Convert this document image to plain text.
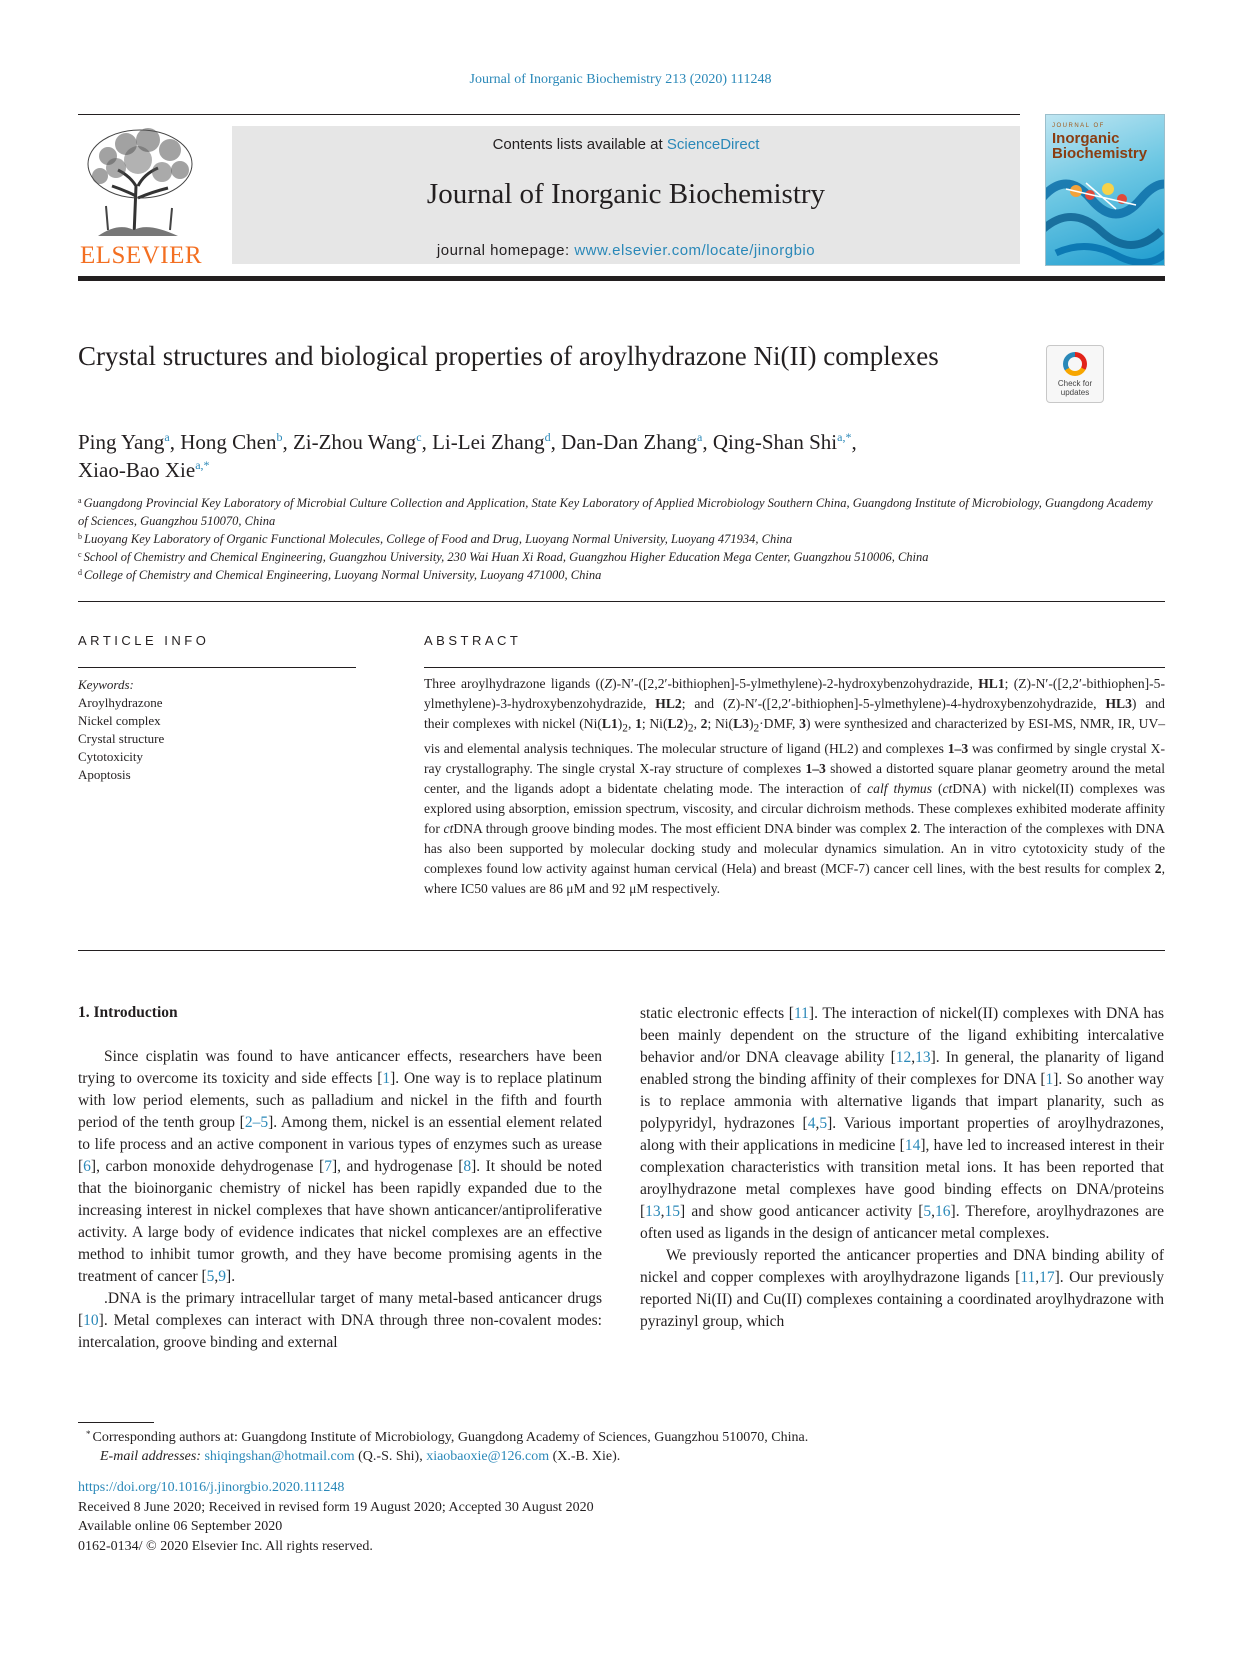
Journal of Inorganic Biochemistry 213 (2020) 111248
ELSEVIER
Contents lists available at ScienceDirect
Journal of Inorganic Biochemistry
journal homepage: www.elsevier.com/locate/jinorgbio
JOURNAL OF
Inorganic
Biochemistry
Crystal structures and biological properties of aroylhydrazone Ni(II) complexes
Check for
updates
Ping Yang$^a$, Hong Chen$^b$, Zi-Zhou Wang$^c$, Li-Lei Zhang$^d$, Dan-Dan Zhang$^a$, Qing-Shan Shi$^{a,*}$,
Xiao-Bao Xie$^{a,*}$
$^a$ Guangdong Provincial Key Laboratory of Microbial Culture Collection and Application, State Key Laboratory of Applied Microbiology Southern China, Guangdong Institute of Microbiology, Guangdong Academy of Sciences, Guangzhou 510070, China
$^b$ Luoyang Key Laboratory of Organic Functional Molecules, College of Food and Drug, Luoyang Normal University, Luoyang 471934, China
$^c$ School of Chemistry and Chemical Engineering, Guangzhou University, 230 Wai Huan Xi Road, Guangzhou Higher Education Mega Center, Guangzhou 510006, China
$^d$ College of Chemistry and Chemical Engineering, Luoyang Normal University, Luoyang 471000, China
ARTICLE INFO	ABSTRACT
Keywords:
Aroylhydrazone
Nickel complex
Crystal structure
Cytotoxicity
Apoptosis
Three aroylhydrazone ligands ((Z)-N′-([2,2′-bithiophen]-5-ylmethylene)-2-hydroxybenzohydrazide, HL1; (Z)-N′-([2,2′-bithiophen]-5-ylmethylene)-3-hydroxybenzohydrazide, HL2; and (Z)-N′-([2,2′-bithiophen]-5-ylmethylene)-4-hydroxybenzohydrazide, HL3) and their complexes with nickel ($Ni(L1)_2$, 1; $Ni(L2)_2$, 2; $Ni(L3)_2\cdot DMF$, 3) were synthesized and characterized by ESI-MS, NMR, IR, UV–vis and elemental analysis techniques. The molecular structure of ligand (HL2) and complexes 1–3 was confirmed by single crystal X-ray crystallography. The single crystal X-ray structure of complexes 1–3 showed a distorted square planar geometry around the metal center, and the ligands adopt a bidentate chelating mode. The interaction of calf thymus (ctDNA) with nickel(II) complexes was explored using absorption, emission spectrum, viscosity, and circular dichroism methods. These complexes exhibited moderate affinity for ctDNA through groove binding modes. The most efficient DNA binder was complex 2. The interaction of the complexes with DNA has also been supported by molecular docking study and molecular dynamics simulation. An in vitro cytotoxicity study of the complexes found low activity against human cervical (Hela) and breast (MCF-7) cancer cell lines, with the best results for complex 2, where IC50 values are 86 μM and 92 μM respectively.
1. Introduction

Since cisplatin was found to have anticancer effects, researchers have been trying to overcome its toxicity and side effects [1]. One way is to replace platinum with low period elements, such as palladium and nickel in the fifth and fourth period of the tenth group [2–5]. Among them, nickel is an essential element related to life process and an active component in various types of enzymes such as urease [6], carbon monoxide dehydrogenase [7], and hydrogenase [8]. It should be noted that the bioinorganic chemistry of nickel has been rapidly expanded due to the increasing interest in nickel complexes that have shown anticancer/antiproliferative activity. A large body of evidence indicates that nickel complexes are an effective method to inhibit tumor growth, and they have become promising agents in the treatment of cancer [5,9].

.DNA is the primary intracellular target of many metal-based anticancer drugs [10]. Metal complexes can interact with DNA through three non-covalent modes: intercalation, groove binding and external

static electronic effects [11]. The interaction of nickel(II) complexes with DNA has been mainly dependent on the structure of the ligand exhibiting intercalative behavior and/or DNA cleavage ability [12,13]. In general, the planarity of ligand enabled strong the binding affinity of their complexes for DNA [1]. So another way is to replace ammonia with alternative ligands that impart planarity, such as polypyridyl, hydrazones [4,5]. Various important properties of aroylhydrazones, along with their applications in medicine [14], have led to increased interest in their complexation characteristics with transition metal ions. It has been reported that aroylhydrazone metal complexes have good binding effects on DNA/proteins [13,15] and show good anticancer activity [5,16]. Therefore, aroylhydrazones are often used as ligands in the design of anticancer metal complexes.

We previously reported the anticancer properties and DNA binding ability of nickel and copper complexes with aroylhydrazone ligands [11,17]. Our previously reported Ni(II) and Cu(II) complexes containing a coordinated aroylhydrazone with pyrazinyl group, which

* Corresponding authors at: Guangdong Institute of Microbiology, Guangdong Academy of Sciences, Guangzhou 510070, China.
E-mail addresses: shiqingshan@hotmail.com (Q.-S. Shi), xiaobaoxie@126.com (X.-B. Xie).
https://doi.org/10.1016/j.jinorgbio.2020.111248
Received 8 June 2020; Received in revised form 19 August 2020; Accepted 30 August 2020
Available online 06 September 2020
0162-0134/ © 2020 Elsevier Inc. All rights reserved.
